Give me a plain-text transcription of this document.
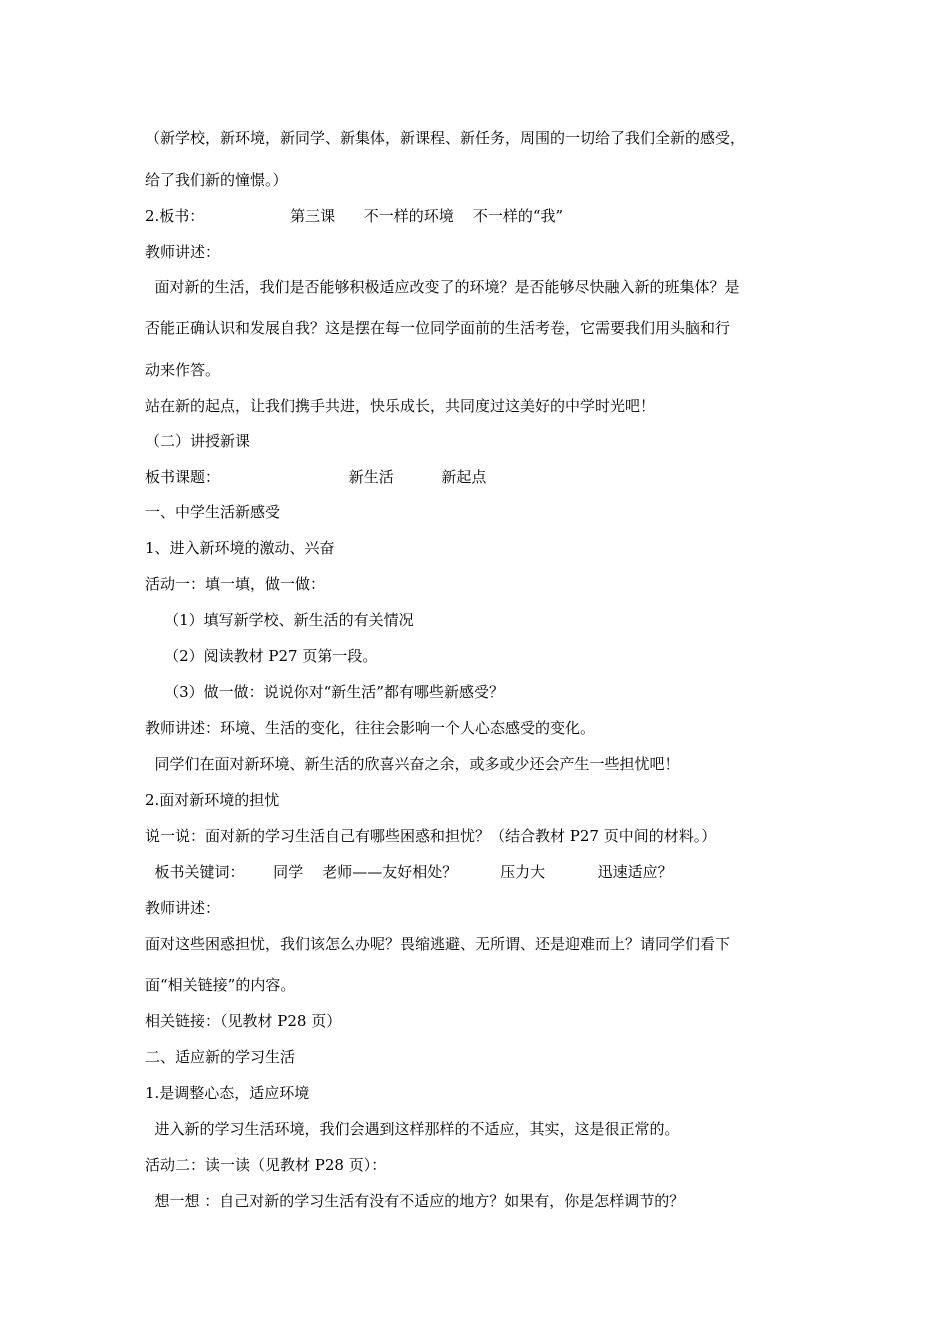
（新学校，新环境，新同学、新集体，新课程、新任务，周围的一切给了我们全新的感受，
给了我们新的憧憬。）
2.板书：                  第三课      不一样的环境    不一样的“我”
教师讲述：
面对新的生活，我们是否能够积极适应改变了的环境？是否能够尽快融入新的班集体？是
否能正确认识和发展自我？这是摆在每一位同学面前的生活考卷，它需要我们用头脑和行
动来作答。
站在新的起点，让我们携手共进，快乐成长，共同度过这美好的中学时光吧！
（二）讲授新课
板书课题：                           新生活          新起点
一、中学生活新感受
1、进入新环境的激动、兴奋
活动一：填一填，做一做：
（1）填写新学校、新生活的有关情况
（2）阅读教材 P27 页第一段。
（3）做一做：说说你对“新生活”都有哪些新感受？
教师讲述：环境、生活的变化，往往会影响一个人心态感受的变化。
同学们在面对新环境、新生活的欣喜兴奋之余，或多或少还会产生一些担忧吧！
2.面对新环境的担忧
说一说：面对新的学习生活自己有哪些困惑和担忧？（结合教材 P27 页中间的材料。）
板书关键词：      同学    老师——友好相处？         压力大           迅速适应？
教师讲述：
面对这些困惑担忧，我们该怎么办呢？畏缩逃避、无所谓、还是迎难而上？请同学们看下
面“相关链接”的内容。
相关链接：（见教材 P28 页）
二、适应新的学习生活
1.是调整心态，适应环境
进入新的学习生活环境，我们会遇到这样那样的不适应，其实，这是很正常的。
活动二：读一读（见教材 P28 页）：
想一想 ：自己对新的学习生活有没有不适应的地方？如果有，你是怎样调节的？
